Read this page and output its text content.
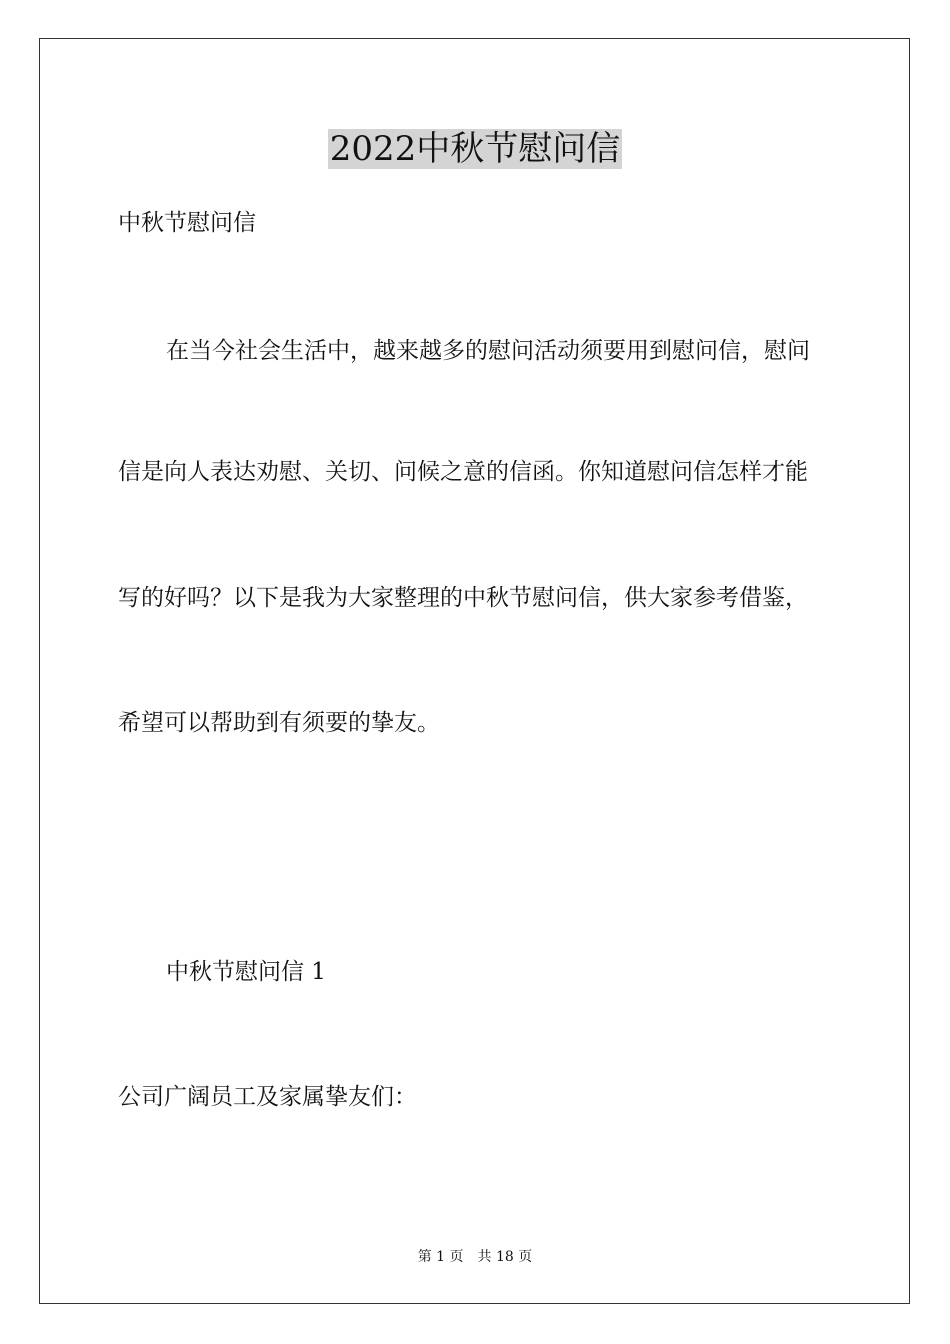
2022中秋节慰问信
中秋节慰问信
在当今社会生活中，越来越多的慰问活动须要用到慰问信，慰问
信是向人表达劝慰、关切、问候之意的信函。你知道慰问信怎样才能
写的好吗？以下是我为大家整理的中秋节慰问信，供大家参考借鉴，
希望可以帮助到有须要的挚友。
中秋节慰问信 1
公司广阔员工及家属挚友们：
第 1 页 共 18 页
